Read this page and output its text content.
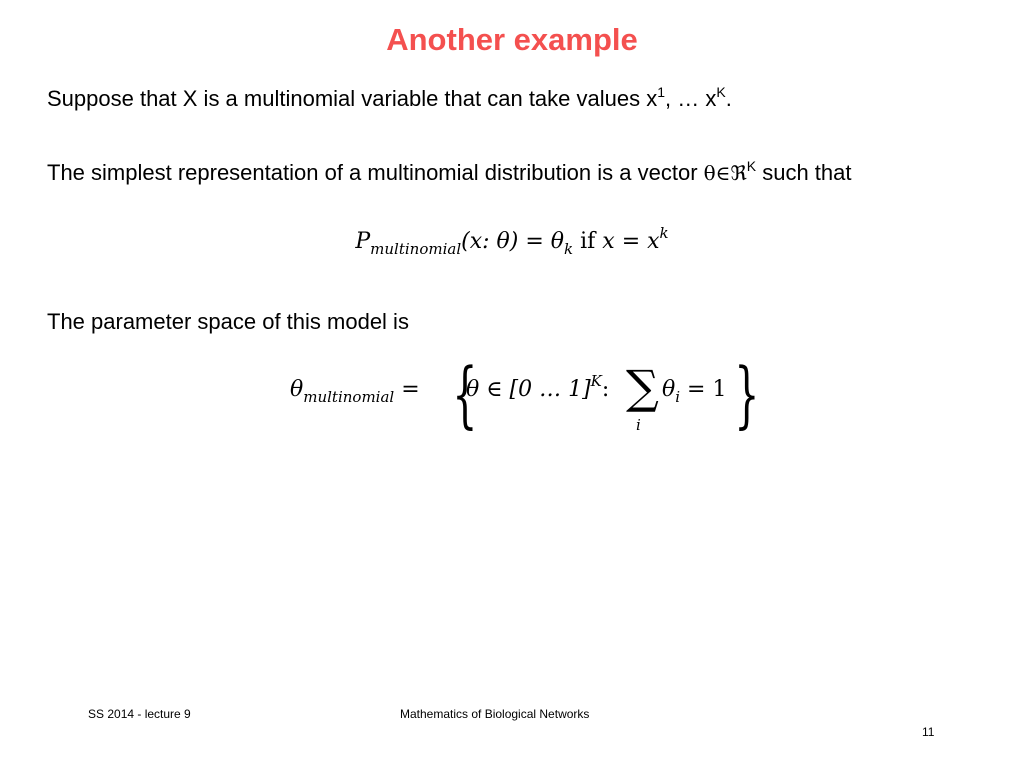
Another example
Suppose that X is a multinomial variable that can take values $x^1$, … $x^K$.
The simplest representation of a multinomial distribution is a vector θ∈ℜ$^K$ such that
$P_{multinomial}(x$: $\theta) = \theta_k$ if $x = x^k$
The parameter space of this model is
$\theta_{multinomial}$ = {
θ ∈ [0 … 1]$^K$: ∑
i
$\theta_i = 1$ }
SS 2014 - lecture 9	Mathematics of Biological Networks
11
